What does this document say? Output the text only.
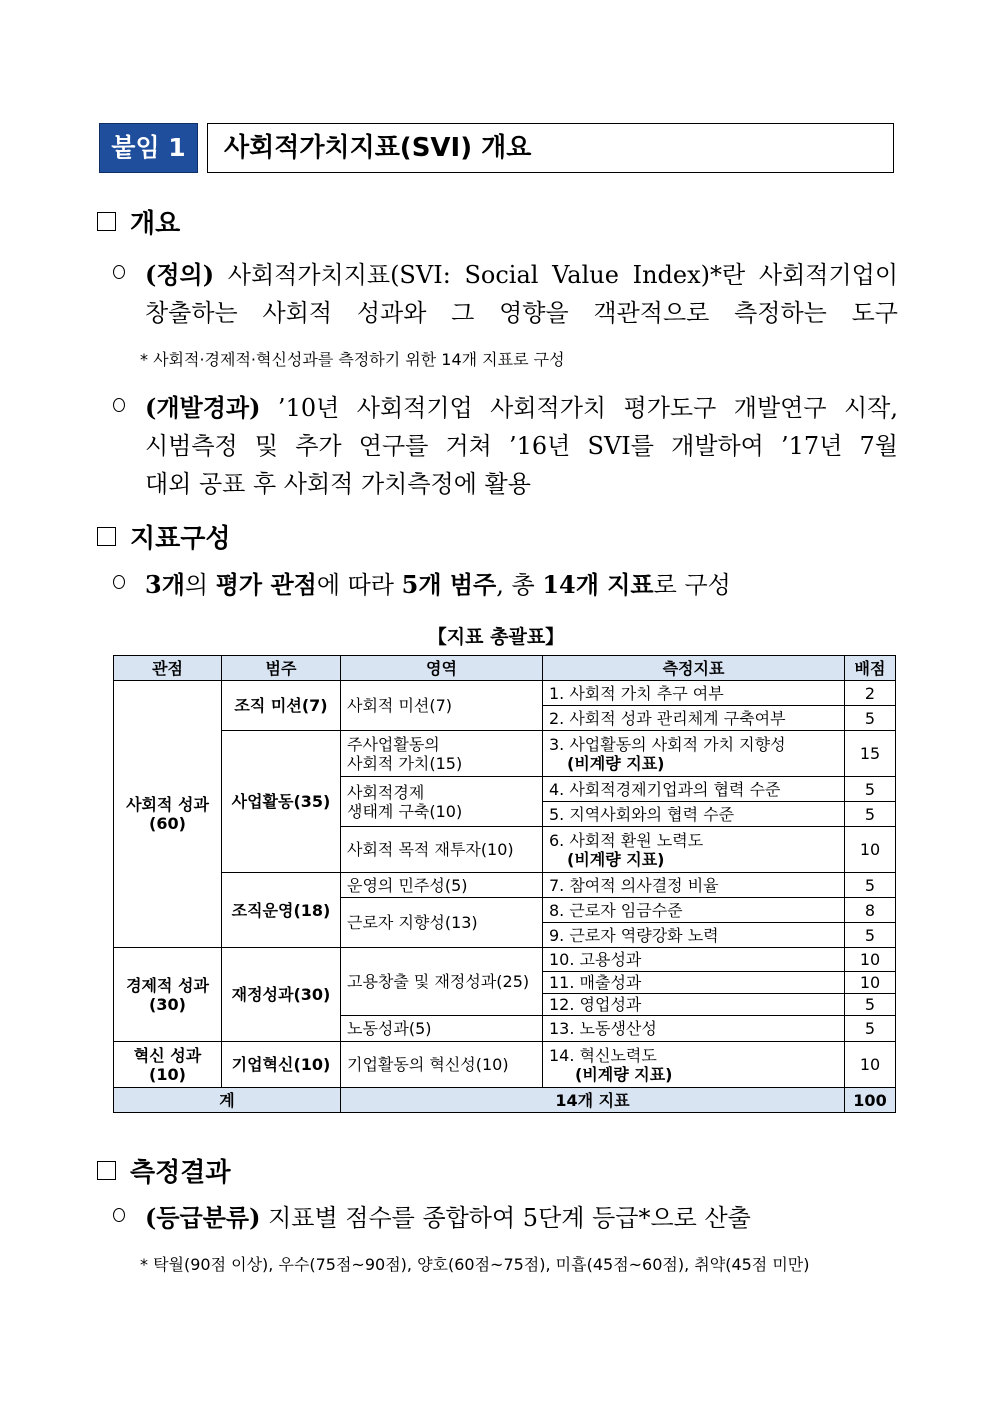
붙임 1	사회적가치지표(SVI) 개요
개요
(정의) 사회적가치지표(SVI: Social Value Index)*란 사회적기업이
창출하는 사회적 성과와 그 영향을 객관적으로 측정하는 도구
* 사회적·경제적·혁신성과를 측정하기 위한 14개 지표로 구성
(개발경과) ’10년 사회적기업 사회적가치 평가도구 개발연구 시작,
시범측정 및 추가 연구를 거쳐 ’16년 SVI를 개발하여 ’17년 7월
대외 공표 후 사회적 가치측정에 활용
지표구성
3개의 평가 관점에 따라 5개 범주, 총 14개 지표로 구성
【지표 총괄표】
관점	범주	영역	측정지표	배점
사회적 성과
(60)	조직 미션(7)	사회적 미션(7)	1. 사회적 가치 추구 여부	2
			2. 사회적 성과 관리체계 구축여부	5
	사업활동(35)	주사업활동의
사회적 가치(15)	3. 사업활동의 사회적 가치 지향성
(비계량 지표)	15
		사회적경제
생태계 구축(10)	4. 사회적경제기업과의 협력 수준	5
			5. 지역사회와의 협력 수준	5
		사회적 목적 재투자(10)	6. 사회적 환원 노력도
(비계량 지표)	10
	조직운영(18)	운영의 민주성(5)	7. 참여적 의사결정 비율	5
		근로자 지향성(13)	8. 근로자 임금수준	8
			9. 근로자 역량강화 노력	5
경제적 성과
(30)	재정성과(30)	고용창출 및 재정성과(25)	10. 고용성과	10
			11. 매출성과	10
			12. 영업성과	5
		노동성과(5)	13. 노동생산성	5
혁신 성과
(10)	기업혁신(10)	기업활동의 혁신성(10)	14. 혁신노력도
(비계량 지표)	10
계		14개 지표		100
측정결과
(등급분류) 지표별 점수를 종합하여 5단계 등급*으로 산출
* 탁월(90점 이상), 우수(75점~90점), 양호(60점~75점), 미흡(45점~60점), 취약(45점 미만)
